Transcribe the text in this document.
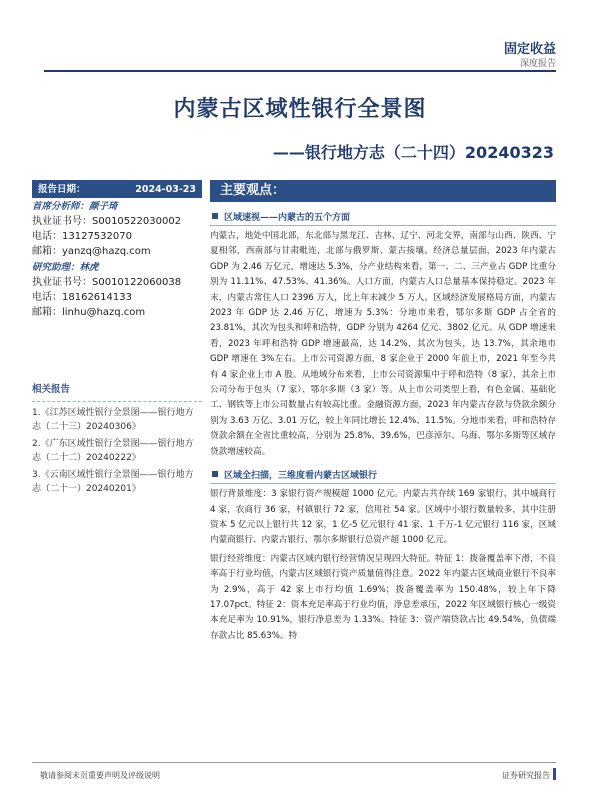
固定收益
深度报告
内蒙古区域性银行全景图
——银行地方志（二十四）20240323
报告日期：	2024-03-23
首席分析师：颜子琦
执业证书号：S0010522030002
电话：13127532070
邮箱：yanzq@hazq.com
研究助理：林虎
执业证书号：S0010122060038
电话：18162614133
邮箱：linhu@hazq.com
相关报告
1.《江苏区域性银行全景图——银行地方志（二十三）20240306》
2.《广东区域性银行全景图——银行地方志（二十二）20240222》
3.《云南区域性银行全景图——银行地方志（二十一）20240201》
主要观点：
区域速视——内蒙古的五个方面
内蒙古，地处中国北部，东北部与黑龙江、吉林、辽宁、河北交界，南部与山西、陕西、宁夏相邻，西南部与甘肃毗连，北部与俄罗斯、蒙古接壤。经济总量层面，2023 年内蒙古 GDP 为 2.46 万亿元，增速达 5.3%，分产业结构来看，第一、二、三产业占 GDP 比重分别为 11.11%、47.53%、41.36%。人口方面，内蒙古人口总量基本保持稳定。2023 年末，内蒙古常住人口 2396 万人，比上年末减少 5 万人。区域经济发展格局方面，内蒙古 2023 年 GDP 达 2.46 万亿，增速为 5.3%：分地市来看，鄂尔多斯 GDP 占全省的 23.81%，其次为包头和呼和浩特，GDP 分别为 4264 亿元、3802 亿元。从 GDP 增速来看，2023 年呼和浩特 GDP 增速最高，达 14.2%，其次为包头，达 13.7%，其余地市 GDP 增速在 3%左右。上市公司资源方面，8 家企业于 2000 年前上市，2021 年至今共有 4 家企业上市 A 股。从地域分布来看，上市公司资源集中于呼和浩特（8 家），其余上市公司分布于包头（7 家）、鄂尔多斯（3 家）等。从上市公司类型上看，有色金属、基础化工、钢铁等上市公司数量占有较高比重。金融资源方面，2023 年内蒙古存款与贷款余额分别为 3.63 万亿、3.01 万亿，较上年同比增长 12.4%、11.5%。分地市来看，呼和浩特存贷款余额在全省比重较高，分别为 25.8%、39.6%，巴彦淖尔、乌海、鄂尔多斯等区域存贷款增速较高。
区域全扫描，三维度看内蒙古区域银行
银行背景维度：3 家银行资产规模超 1000 亿元。内蒙古共存续 169 家银行，其中城商行 4 家，农商行 36 家，村镇银行 72 家，信用社 54 家。区域中小银行数量较多，其中注册资本 5 亿元以上银行共 12 家，1 亿-5 亿元银行 41 家、1 千万-1 亿元银行 116 家，区域内蒙商银行、内蒙古银行、鄂尔多斯银行总资产超 1000 亿元。
银行经营维度：内蒙古区域内银行经营情况呈现四大特征。特征 1：拨备覆盖率下滑，不良率高于行业均值，内蒙古区域银行资产质量值得注意。2022 年内蒙古区域商业银行不良率为 2.9%，高于 42 家上市行均值 1.69%；拨备覆盖率为 150.48%，较上年下降 17.07pct。特征 2：资本充足率高于行业均值，净息差承压，2022 年区域银行核心一级资本充足率为 10.91%，银行净息差为 1.33%。特征 3：资产端贷款占比 49.54%，负债端存款占比 85.63%。特
敬请参阅末页重要声明及评级说明	证券研究报告
